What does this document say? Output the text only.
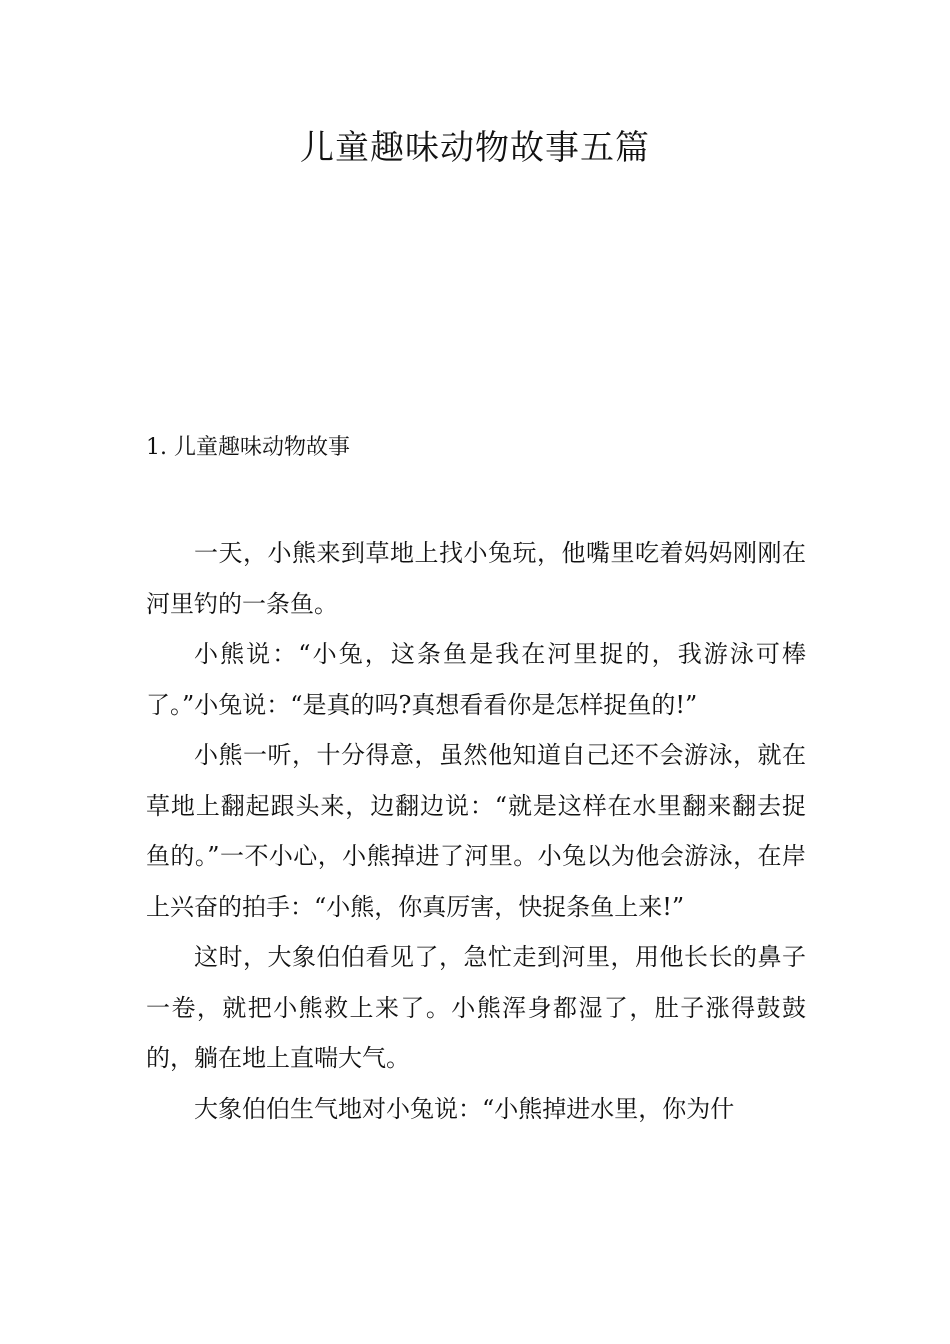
儿童趣味动物故事五篇
1. 儿童趣味动物故事

一天，小熊来到草地上找小兔玩，他嘴里吃着妈妈刚刚在河里钓的一条鱼。

小熊说：“小兔，这条鱼是我在河里捉的，我游泳可棒了。”小兔说：“是真的吗?真想看看你是怎样捉鱼的!”

小熊一听，十分得意，虽然他知道自己还不会游泳，就在草地上翻起跟头来，边翻边说：“就是这样在水里翻来翻去捉鱼的。”一不小心，小熊掉进了河里。小兔以为他会游泳，在岸上兴奋的拍手：“小熊，你真厉害，快捉条鱼上来!”

这时，大象伯伯看见了，急忙走到河里，用他长长的鼻子一卷，就把小熊救上来了。小熊浑身都湿了，肚子涨得鼓鼓的，躺在地上直喘大气。

大象伯伯生气地对小兔说：“小熊掉进水里，你为什
